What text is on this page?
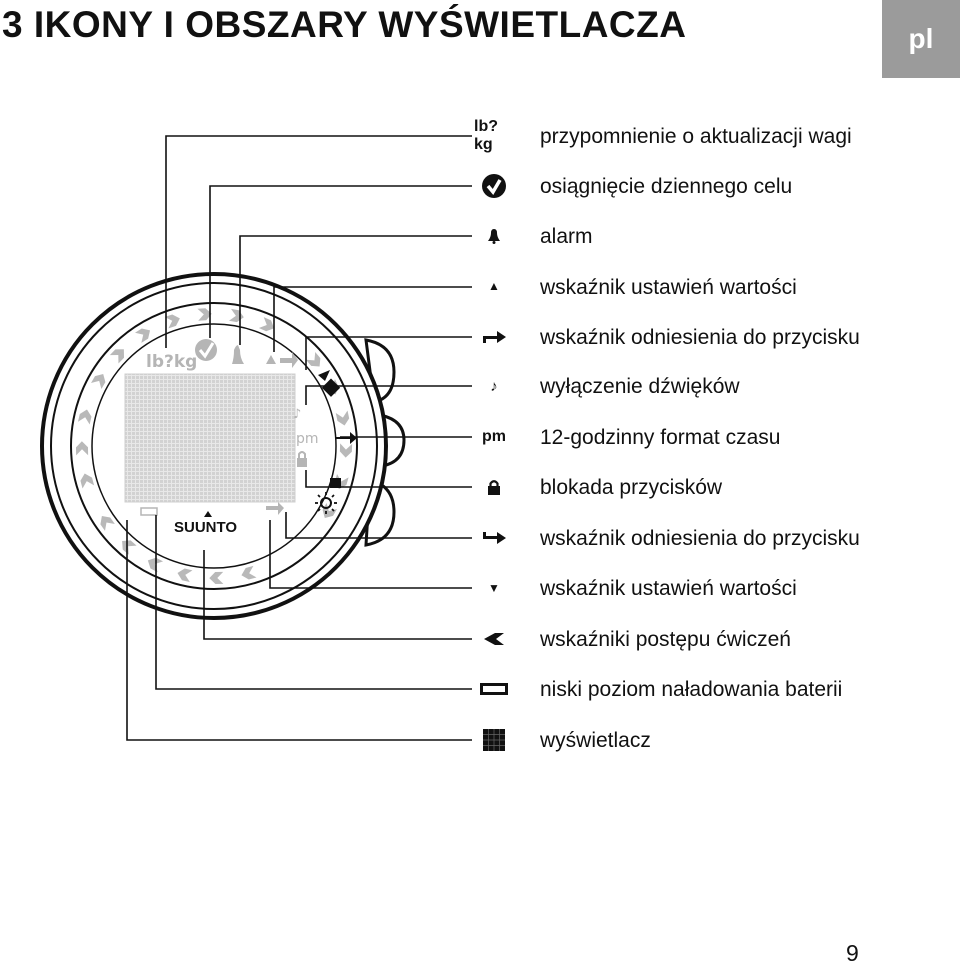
3 IKONY I OBSZARY WYŚWIETLACZA	pl
lb?kg
♪
pm
SUUNTO
lb?kg
▲
♪
pm
▼
przypomnienie o aktualizacji wagi
osiągnięcie dziennego celu
alarm
wskaźnik ustawień wartości
wskaźnik odniesienia do przycisku
wyłączenie dźwięków
12-godzinny format czasu
blokada przycisków
wskaźnik odniesienia do przycisku
wskaźnik ustawień wartości
wskaźniki postępu ćwiczeń
niski poziom naładowania baterii
wyświetlacz
9
